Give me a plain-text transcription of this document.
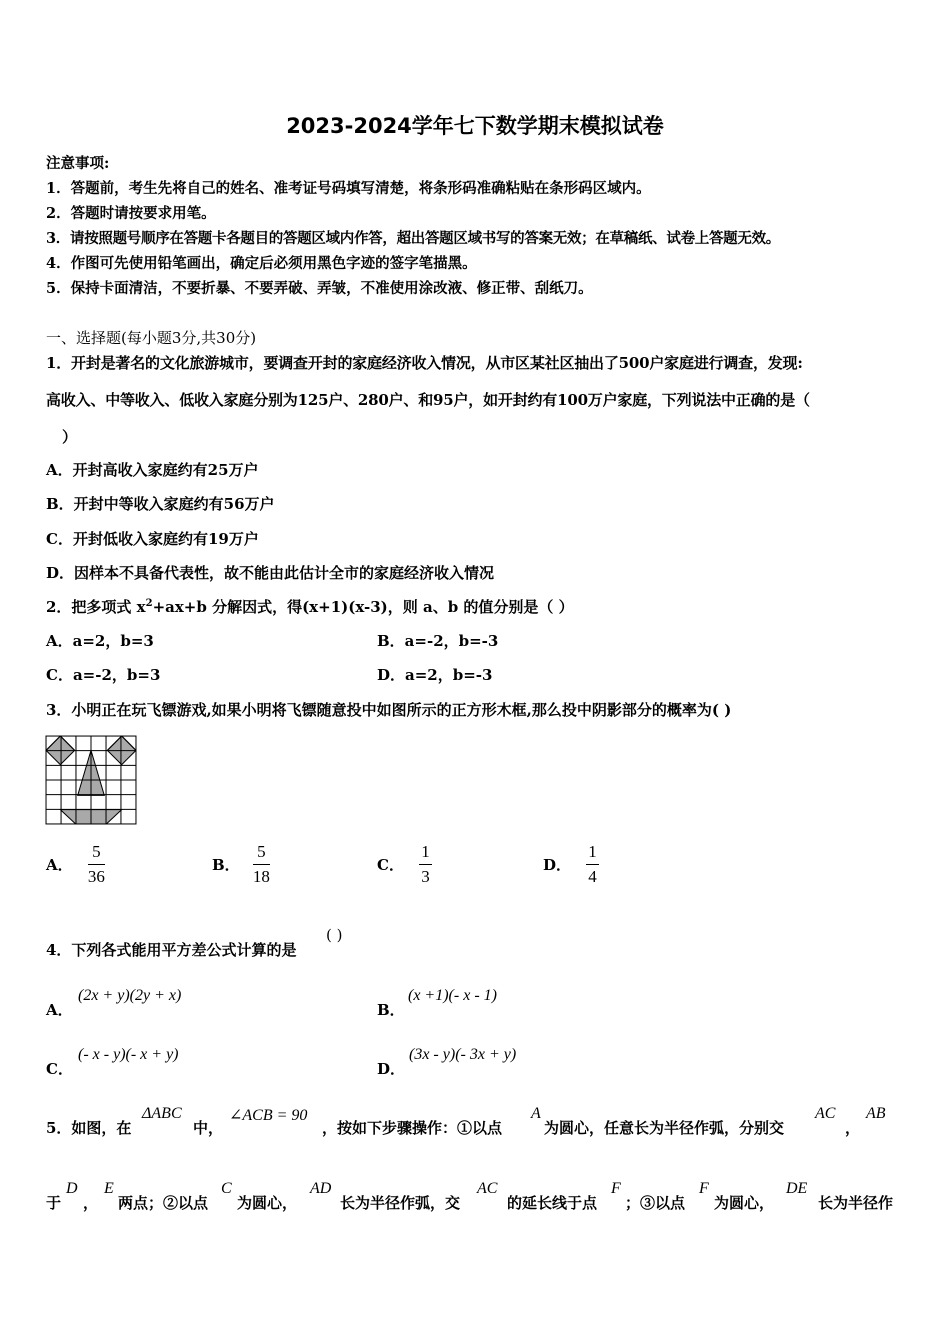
2023-2024学年七下数学期末模拟试卷
注意事项:
1．答题前，考生先将自己的姓名、准考证号码填写清楚，将条形码准确粘贴在条形码区域内。
2．答题时请按要求用笔。
3．请按照题号顺序在答题卡各题目的答题区域内作答，超出答题区域书写的答案无效；在草稿纸、试卷上答题无效。
4．作图可先使用铅笔画出，确定后必须用黑色字迹的签字笔描黑。
5．保持卡面清洁，不要折暴、不要弄破、弄皱，不准使用涂改液、修正带、刮纸刀。
一、选择题(每小题3分,共30分)
1．开封是著名的文化旅游城市，要调查开封的家庭经济收入情况，从市区某社区抽出了500户家庭进行调查，发现:
高收入、中等收入、低收入家庭分别为125户、280户、和95户，如开封约有100万户家庭，下列说法中正确的是（
）
A．开封高收入家庭约有25万户
B．开封中等收入家庭约有56万户
C．开封低收入家庭约有19万户
D．因样本不具备代表性，故不能由此估计全市的家庭经济收入情况
2．把多项式 $x^2+ax+b$ 分解因式，得(x+1)(x-3)，则 a、b 的值分别是（ ）
A．a=2，b=3	B．a=-2，b=-3
C．a=-2，b=3	D．a=2，b=-3
3．小明正在玩飞镖游戏,如果小明将飞镖随意投中如图所示的正方形木框,那么投中阴影部分的概率为( )
A． $\frac{5}{36}$	B． $\frac{5}{18}$	C． $\frac{1}{3}$	D． $\frac{1}{4}$
4．下列各式能用平方差公式计算的是
( )
A．
(2x + y)(2y + x)
B．
(x +1)(- x - 1)
C．
(- x - y)(- x + y)
D．
(3x - y)(- 3x + y)
5．如图，在
ΔABC
中，
∠ACB = 90
，按如下步骤操作：①以点
A
为圆心，任意长为半径作弧，分别交
AC
，
AB
于
D
，
E
两点；②以点
C
为圆心，
AD
长为半径作弧，交
AC
的延长线于点
F
；③以点
F
为圆心，
DE
长为半径作
